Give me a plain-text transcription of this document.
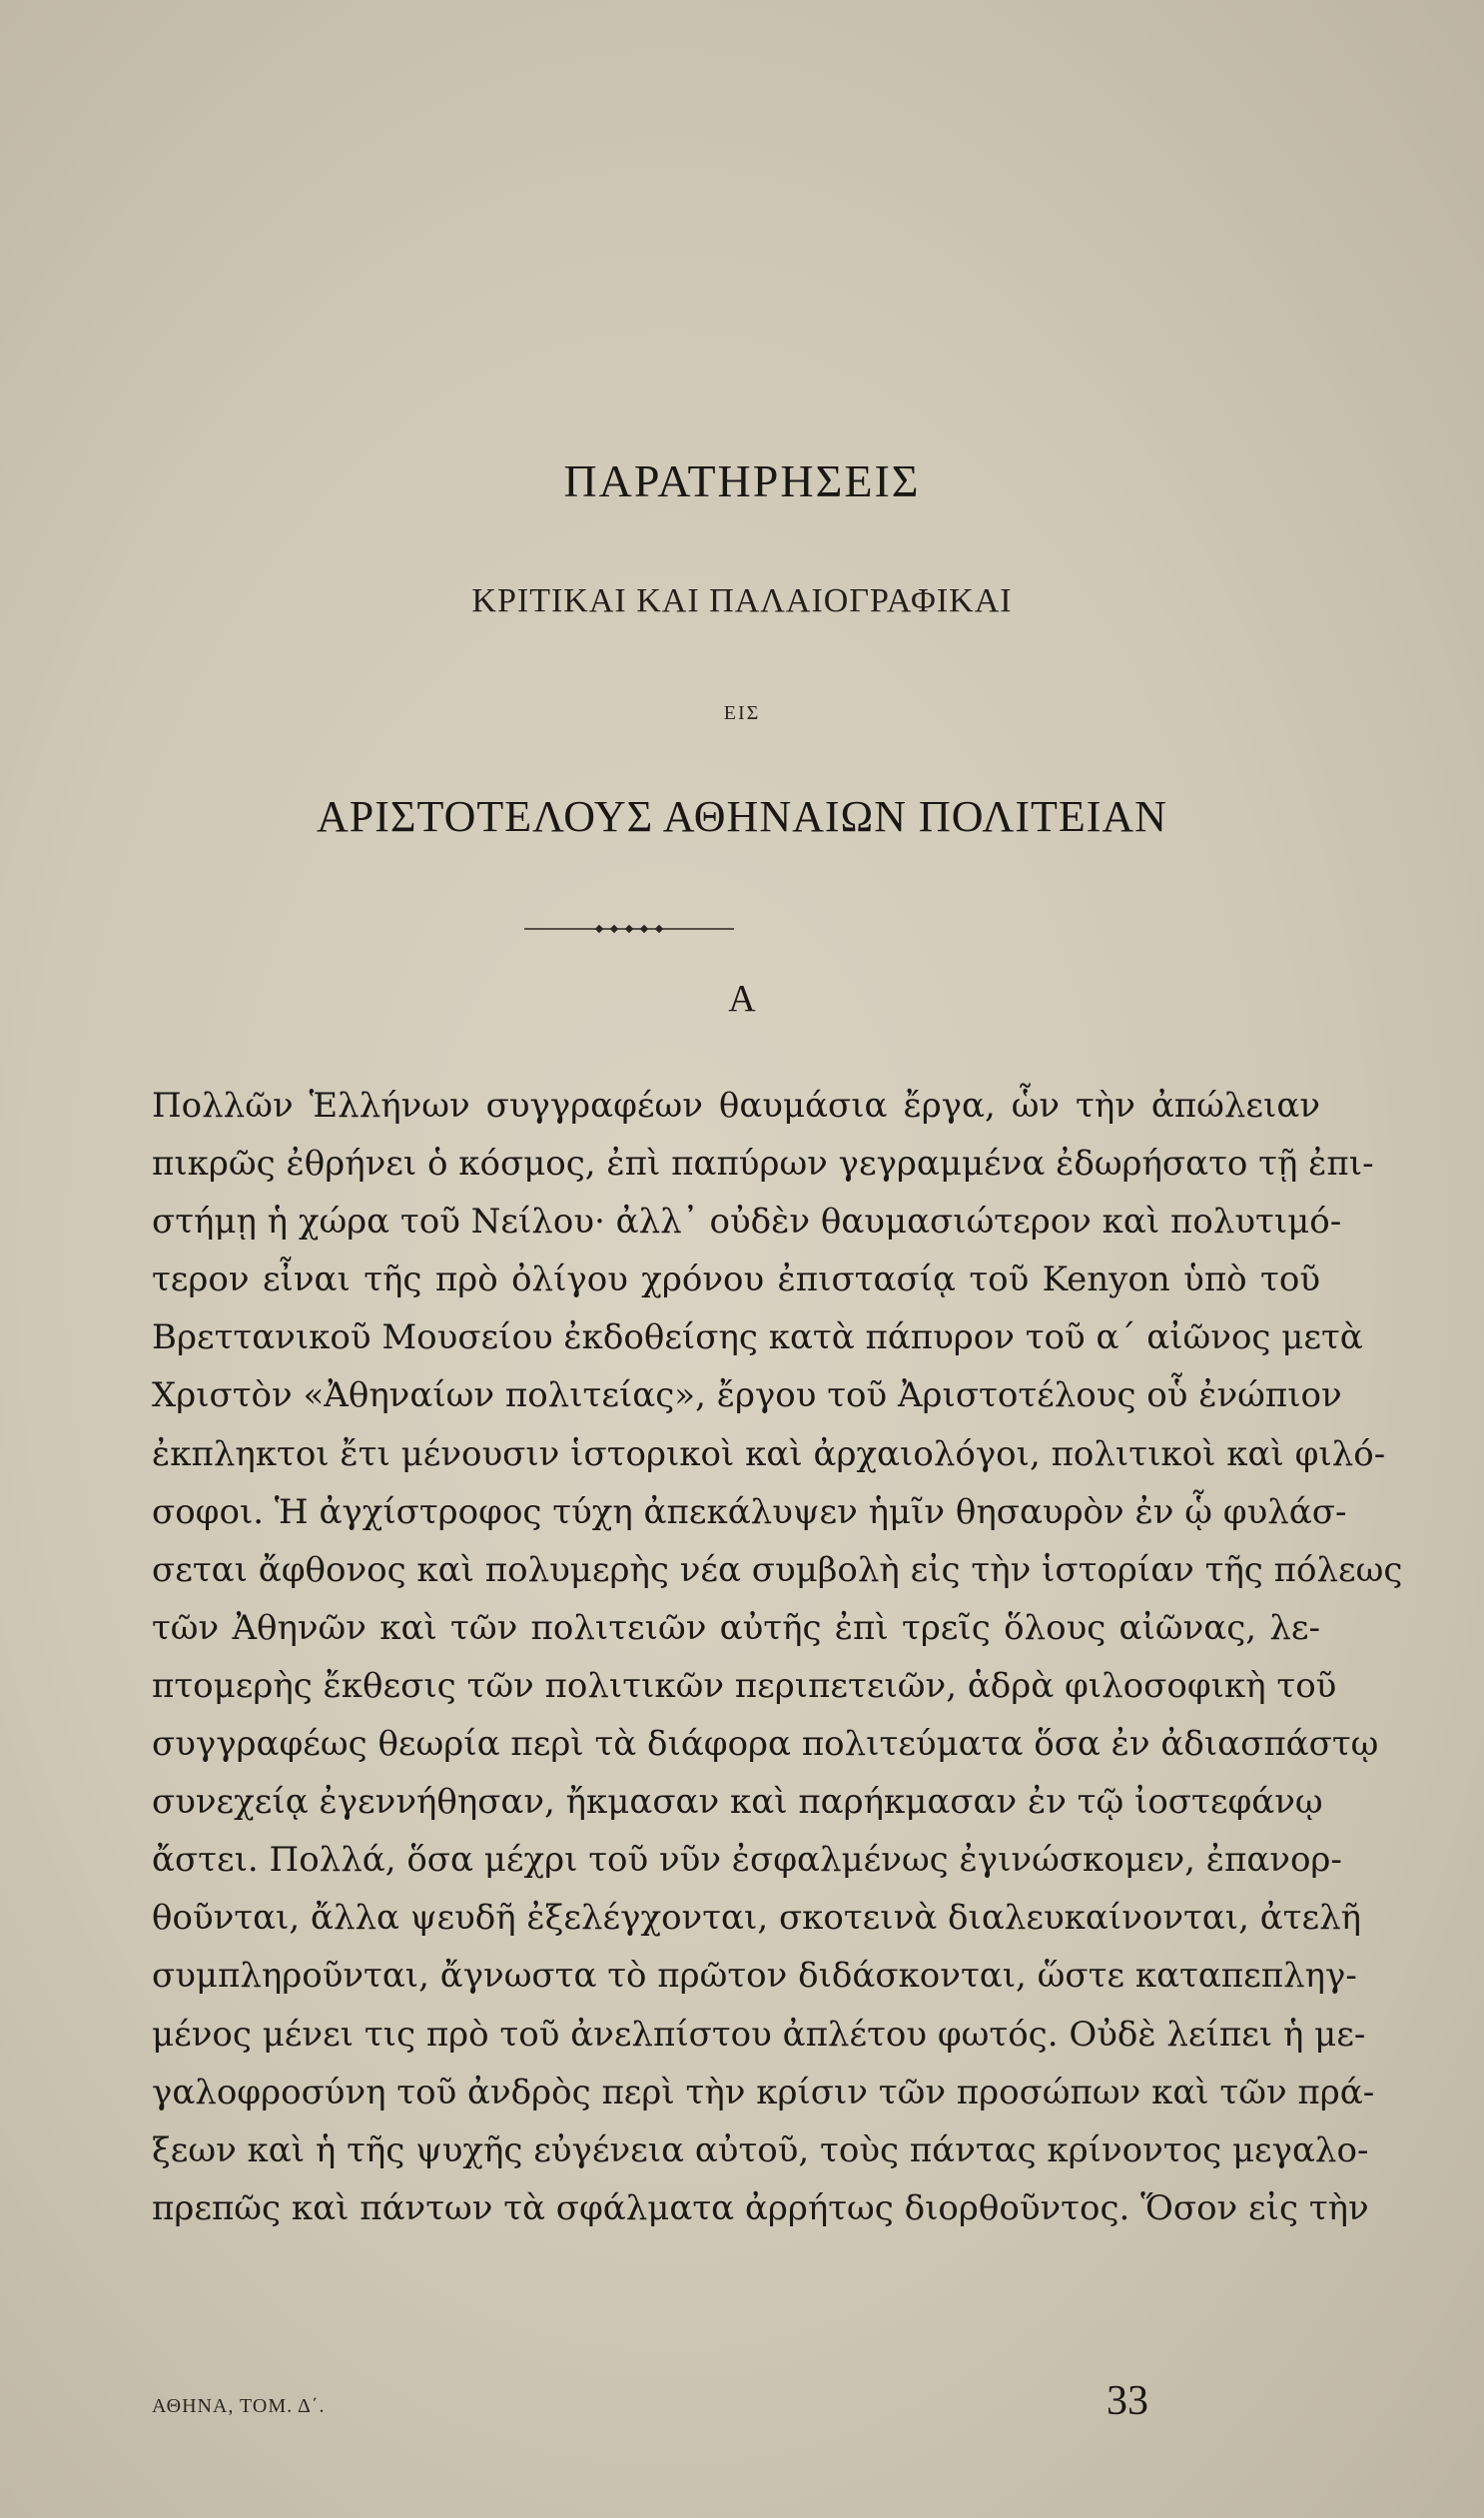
ΠΑΡΑΤΗΡΗΣΕΙΣ
ΚΡΙΤΙΚΑΙ ΚΑΙ ΠΑΛΑΙΟΓΡΑΦΙΚΑΙ
ΕΙΣ
ΑΡΙΣΤΟΤΕΛΟΥΣ ΑΘΗΝΑΙΩΝ ΠΟΛΙΤΕΙΑΝ
Α
Πολλῶν Ἑλλήνων συγγραφέων θαυμάσια ἔργα, ὧν τὴν ἀπώλειαν
πικρῶς ἐθρήνει ὁ κόσμος, ἐπὶ παπύρων γεγραμμένα ἐδωρήσατο τῇ ἐπι-
στήμῃ ἡ χώρα τοῦ Νείλου· ἀλλ᾽ οὐδὲν θαυμασιώτερον καὶ πολυτιμό-
τερον εἶναι τῆς πρὸ ὀλίγου χρόνου ἐπιστασίᾳ τοῦ Kenyon ὑπὸ τοῦ
Βρεττανικοῦ Μουσείου ἐκδοθείσης κατὰ πάπυρον τοῦ α´ αἰῶνος μετὰ
Χριστὸν «Ἀθηναίων πολιτείας», ἔργου τοῦ Ἀριστοτέλους οὗ ἐνώπιον
ἐκπληκτοι ἔτι μένουσιν ἱστορικοὶ καὶ ἀρχαιολόγοι, πολιτικοὶ καὶ φιλό-
σοφοι. Ἡ ἀγχίστροφος τύχη ἀπεκάλυψεν ἡμῖν θησαυρὸν ἐν ᾧ φυλάσ-
σεται ἄφθονος καὶ πολυμερὴς νέα συμβολὴ εἰς τὴν ἱστορίαν τῆς πόλεως
τῶν Ἀθηνῶν καὶ τῶν πολιτειῶν αὐτῆς ἐπὶ τρεῖς ὅλους αἰῶνας, λε-
πτομερὴς ἔκθεσις τῶν πολιτικῶν περιπετειῶν, ἁδρὰ φιλοσοφικὴ τοῦ
συγγραφέως θεωρία περὶ τὰ διάφορα πολιτεύματα ὅσα ἐν ἀδιασπάστῳ
συνεχείᾳ ἐγεννήθησαν, ἤκμασαν καὶ παρήκμασαν ἐν τῷ ἰοστεφάνῳ
ἄστει. Πολλά, ὅσα μέχρι τοῦ νῦν ἐσφαλμένως ἐγινώσκομεν, ἐπανορ-
θοῦνται, ἄλλα ψευδῆ ἐξελέγχονται, σκοτεινὰ διαλευκαίνονται, ἀτελῆ
συμπληροῦνται, ἄγνωστα τὸ πρῶτον διδάσκονται, ὥστε καταπεπληγ-
μένος μένει τις πρὸ τοῦ ἀνελπίστου ἀπλέτου φωτός. Οὐδὲ λείπει ἡ με-
γαλοφροσύνη τοῦ ἀνδρὸς περὶ τὴν κρίσιν τῶν προσώπων καὶ τῶν πρά-
ξεων καὶ ἡ τῆς ψυχῆς εὐγένεια αὐτοῦ, τοὺς πάντας κρίνοντος μεγαλο-
πρεπῶς καὶ πάντων τὰ σφάλματα ἀρρήτως διορθοῦντος. Ὅσον εἰς τὴν
ΑΘΗΝΑ, ΤΟΜ. Δ΄.	33
